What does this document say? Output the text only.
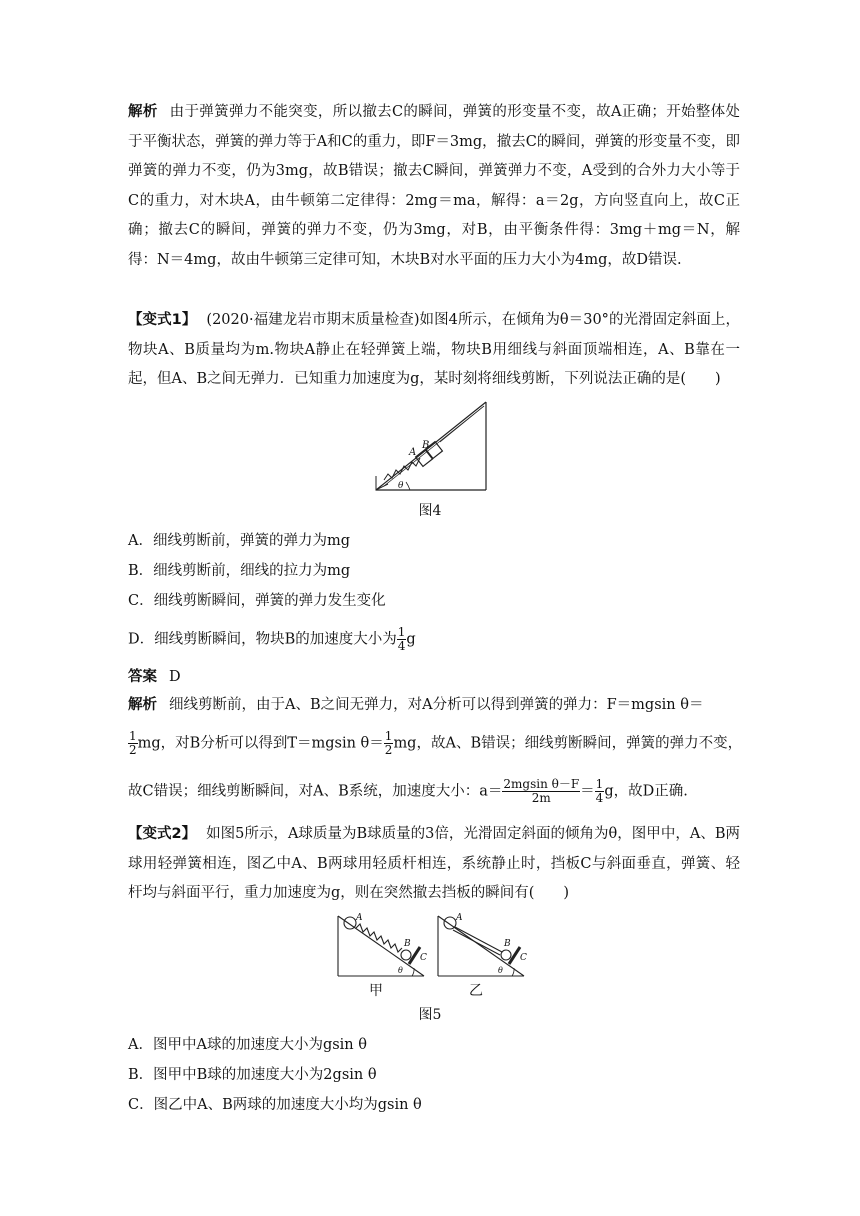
解析 由于弹簧弹力不能突变，所以撤去C的瞬间，弹簧的形变量不变，故A正确；开始整体处于平衡状态，弹簧的弹力等于A和C的重力，即F＝3mg，撤去C的瞬间，弹簧的形变量不变，即弹簧的弹力不变，仍为3mg，故B错误；撤去C瞬间，弹簧弹力不变，A受到的合外力大小等于C的重力，对木块A，由牛顿第二定律得：2mg＝ma，解得：a＝2g，方向竖直向上，故C正确；撤去C的瞬间，弹簧的弹力不变，仍为3mg，对B，由平衡条件得：3mg＋mg＝N，解得：N＝4mg，故由牛顿第三定律可知，木块B对水平面的压力大小为4mg，故D错误.
【变式1】 (2020·福建龙岩市期末质量检查)如图4所示，在倾角为θ＝30°的光滑固定斜面上，物块A、B质量均为m.物块A静止在轻弹簧上端，物块B用细线与斜面顶端相连，A、B靠在一起，但A、B之间无弹力．已知重力加速度为g，某时刻将细线剪断，下列说法正确的是(　　)
A
B
θ
图4
A．细线剪断前，弹簧的弹力为mg
B．细线剪断前，细线的拉力为mg
C．细线剪断瞬间，弹簧的弹力发生变化
D．细线剪断瞬间，物块B的加速度大小为 $\frac{1}{4}$ g
答案 D
解析 细线剪断前，由于A、B之间无弹力，对A分析可以得到弹簧的弹力：F＝mgsin θ＝
$\frac{1}{2}$ mg，对B分析可以得到T＝mgsin $\theta= \frac{1}{2}$ mg，故A、B错误；细线剪断瞬间，弹簧的弹力不变，
故C错误；细线剪断瞬间，对A、B系统，加速度大小：$a= \frac{\text{2mgsin θ－F}}{2m} = \frac{1}{4}$ g，故D正确.
【变式2】 如图5所示，A球质量为B球质量的3倍，光滑固定斜面的倾角为θ，图甲中，A、B两球用轻弹簧相连，图乙中A、B两球用轻质杆相连，系统静止时，挡板C与斜面垂直，弹簧、轻杆均与斜面平行，重力加速度为g，则在突然撤去挡板的瞬间有(　　)
A
B
C
θ
甲
A
B
C
θ
乙
图5
A．图甲中A球的加速度大小为gsin θ
B．图甲中B球的加速度大小为2gsin θ
C．图乙中A、B两球的加速度大小均为gsin θ
